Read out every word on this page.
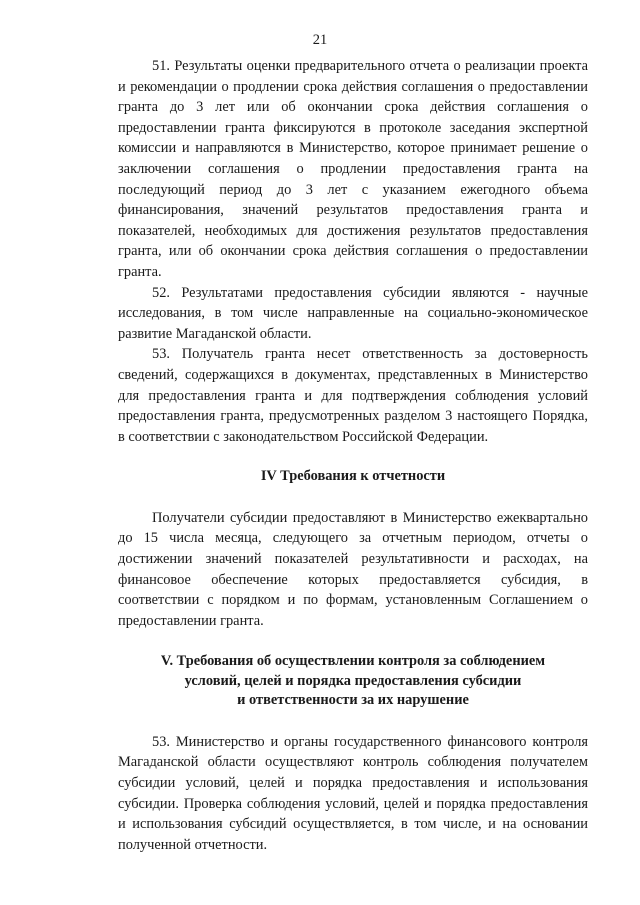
21

51. Результаты оценки предварительного отчета о реализации проекта и рекомендации о продлении срока действия соглашения о предоставлении гранта до 3 лет или об окончании срока действия соглашения о предоставлении гранта фиксируются в протоколе заседания экспертной комиссии и направляются в Министерство, которое принимает решение о заключении соглашения о продлении предоставления гранта на последующий период до 3 лет с указанием ежегодного объема финансирования, значений результатов предоставления гранта и показателей, необходимых для достижения результатов предоставления гранта, или об окончании срока действия соглашения о предоставлении гранта.

52. Результатами предоставления субсидии являются - научные исследования, в том числе направленные на социально-экономическое развитие Магаданской области.

53. Получатель гранта несет ответственность за достоверность сведений, содержащихся в документах, представленных в Министерство для предоставления гранта и для подтверждения соблюдения условий предоставления гранта, предусмотренных разделом 3 настоящего Порядка, в соответствии с законодательством Российской Федерации.

IV Требования к отчетности

Получатели субсидии предоставляют в Министерство ежеквартально до 15 числа месяца, следующего за отчетным периодом, отчеты о достижении значений показателей результативности и расходах, на финансовое обеспечение которых предоставляется субсидия, в соответствии с порядком и по формам, установленным Соглашением о предоставлении гранта.

V. Требования об осуществлении контроля за соблюдением
условий, целей и порядка предоставления субсидии
и ответственности за их нарушение

53. Министерство и органы государственного финансового контроля Магаданской области осуществляют контроль соблюдения получателем субсидии условий, целей и порядка предоставления и использования субсидии. Проверка соблюдения условий, целей и порядка предоставления и использования субсидий осуществляется, в том числе, и на основании полученной отчетности.
